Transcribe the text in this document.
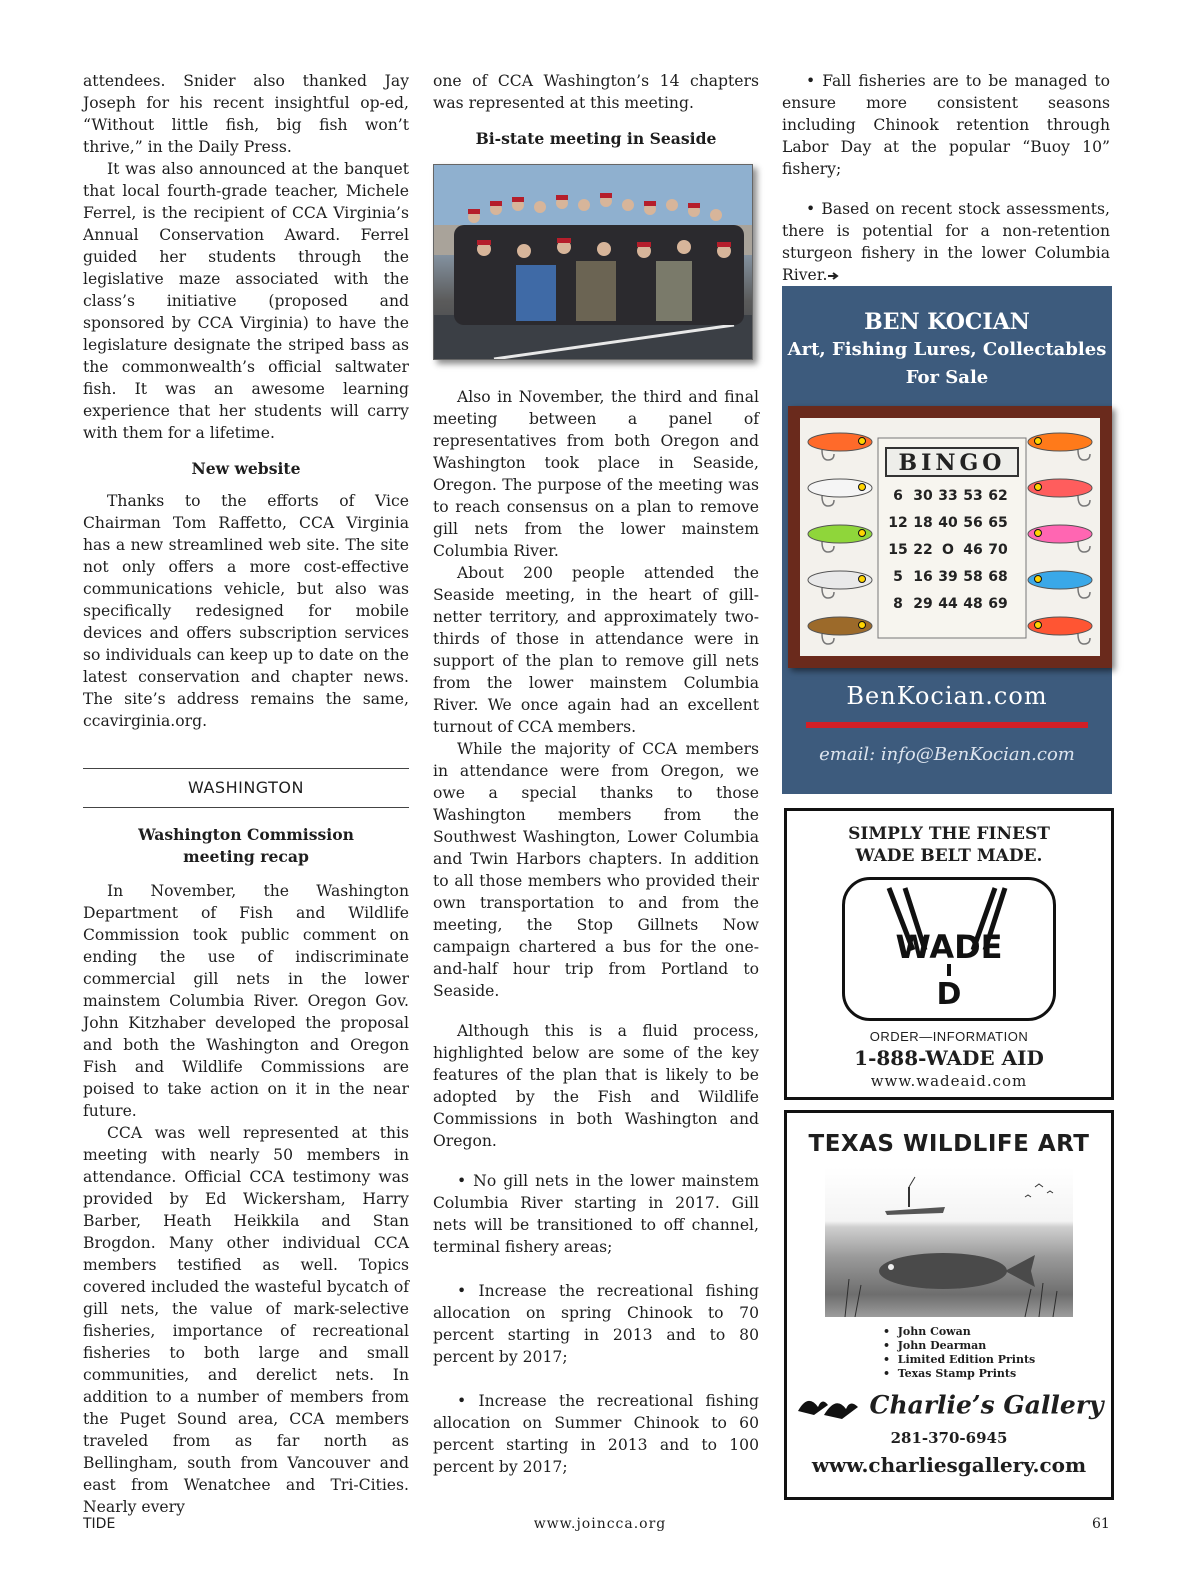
attendees. Snider also thanked Jay Joseph for his recent insightful op-ed, “Without little fish, big fish won’t thrive,” in the Daily Press.

It was also announced at the banquet that local fourth-grade teacher, Michele Ferrel, is the recipient of CCA Virginia’s Annual Conservation Award. Ferrel guided her students through the legislative maze associated with the class’s initiative (proposed and sponsored by CCA Virginia) to have the legislature designate the striped bass as the commonwealth’s official saltwater fish. It was an awesome learning experience that her students will carry with them for a lifetime.

New website

Thanks to the efforts of Vice Chairman Tom Raffetto, CCA Virginia has a new streamlined web site. The site not only offers a more cost-effective communications vehicle, but also was specifically redesigned for mobile devices and offers subscription services so individuals can keep up to date on the latest conservation and chapter news. The site’s address remains the same, ccavirginia.org.

WASHINGTON
Washington Commission
meeting recap

In November, the Washington Department of Fish and Wildlife Commission took public comment on ending the use of indiscriminate commercial gill nets in the lower mainstem Columbia River. Oregon Gov. John Kitzhaber developed the proposal and both the Washington and Oregon Fish and Wildlife Commissions are poised to take action on it in the near future.

CCA was well represented at this meeting with nearly 50 members in attendance. Official CCA testimony was provided by Ed Wickersham, Harry Barber, Heath Heikkila and Stan Brogdon. Many other individual CCA members testified as well. Topics covered included the wasteful bycatch of gill nets, the value of mark-selective fisheries, importance of recreational fisheries to both large and small communities, and derelict nets. In addition to a number of members from the Puget Sound area, CCA members traveled from as far north as Bellingham, south from Vancouver and east from Wenatchee and Tri-Cities. Nearly every

one of CCA Washington’s 14 chapters was represented at this meeting.

Bi-state meeting in Seaside

Also in November, the third and final meeting between a panel of representatives from both Oregon and Washington took place in Seaside, Oregon. The purpose of the meeting was to reach consensus on a plan to remove gill nets from the lower mainstem Columbia River.

About 200 people attended the Seaside meeting, in the heart of gill-netter territory, and approximately two-thirds of those in attendance were in support of the plan to remove gill nets from the lower mainstem Columbia River. We once again had an excellent turnout of CCA members.

While the majority of CCA members in attendance were from Oregon, we owe a special thanks to those Washington members from the Southwest Washington, Lower Columbia and Twin Harbors chapters. In addition to all those members who provided their own transportation to and from the meeting, the Stop Gillnets Now campaign chartered a bus for the one-and-half hour trip from Portland to Seaside.

Although this is a fluid process, highlighted below are some of the key features of the plan that is likely to be adopted by the Fish and Wildlife Commissions in both Washington and Oregon.

• No gill nets in the lower mainstem Columbia River starting in 2017. Gill nets will be transitioned to off channel, terminal fishery areas;

• Increase the recreational fishing allocation on spring Chinook to 70 percent starting in 2013 and to 80 percent by 2017;

• Increase the recreational fishing allocation on Summer Chinook to 60 percent starting in 2013 and to 100 percent by 2017;

• Fall fisheries are to be managed to ensure more consistent seasons including Chinook retention through Labor Day at the popular “Buoy 10” fishery;

• Based on recent stock assessments, there is potential for a non-retention sturgeon fishery in the lower Columbia River.

BEN KOCIAN
Art, Fishing Lures, Collectables
For Sale
BINGO
6 30 33 53 62
12 18 40 56 65
15 22 O 46 70
5 16 39 58 68
8 29 44 48 69
BenKocian.com
email: info@BenKocian.com
SIMPLY THE FINEST
WADE BELT MADE.
WADE
D
ORDER—INFORMATION
1-888-WADE AID
www.wadeaid.com
TEXAS WILDLIFE ART
•  John Cowan
•  John Dearman
•  Limited Edition Prints
•  Texas Stamp Prints
Charlie’s Gallery
281-370-6945
www.charliesgallery.com
TIDE	www.joincca.org	61
